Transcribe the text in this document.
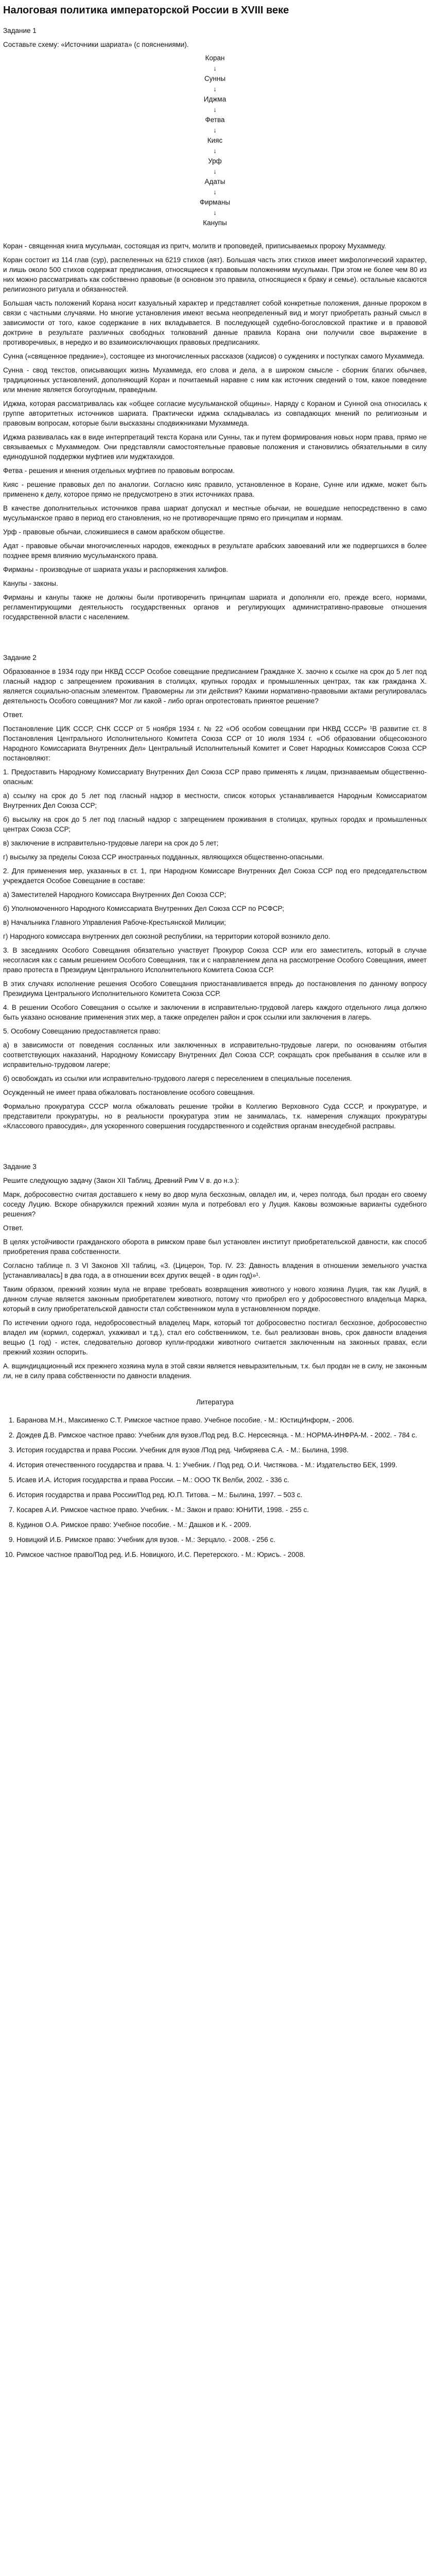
Налоговая политика императорской России в XVIII веке

Задание 1

Составьте схему: «Источники шариата» (с пояснениями).

Коран
↓
Сунны
↓
Иджма
↓
Фетва
↓
Кияс
↓
Урф
↓
Адаты
↓
Фирманы
↓
Канупы

Коран - священная книга мусульман, состоящая из притч, молитв и проповедей, приписываемых пророку Мухаммеду.

Коран состоит из 114 глав (сур), распеленных на 6219 стихов (аят). Большая часть этих стихов имеет мифологический характер, и лишь около 500 стихов содержат предписания, относящиеся к правовым положениям мусульман. При этом не более чем 80 из них можно рассматривать как собственно правовые (в основном это правила, относящиеся к браку и семье). остальные касаются религиозного ритуала и обязанностей.

Большая часть положений Корана носит казуальный характер и представляет собой конкретные положения, данные пророком в связи с частными случаями. Но многие установления имеют весьма неопределенный вид и могут приобретать разный смысл в зависимости от того, какое содержание в них вкладывается. В последующей судебно-богословской практике и в правовой доктрине в результате различных свободных толкований данные правила Корана они получили свое выражение в противоречивых, в нередко и во взаимоисключающих правовых предписаниях.

Сунна («священное предание»), состоящее из многочисленных рассказов (хадисов) о суждениях и поступках самого Мухаммеда.

Сунна - свод текстов, описывающих жизнь Мухаммеда, его слова и дела, а в широком смысле - сборник благих обычаев, традиционных установлений, дополняющий Коран и почитаемый наравне с ним как источник сведений о том, какое поведение или мнение является богоугодным, праведным.

Иджма, которая рассматривалась как «общее согласие мусульманской общины». Наряду с Кораном и Сунной она относилась к группе авторитетных источников шариата. Практически иджма складывалась из совпадающих мнений по религиозным и правовым вопросам, которые были высказаны сподвижниками Мухаммеда.

Иджма развивалась как в виде интерпретаций текста Корана или Сунны, так и путем формирования новых норм права, прямо не связываемых с Мухаммедом. Они представляли самостоятельные правовые положения и становились обязательными в силу единодушной поддержки муфтиев или муджтахидов.

Фетва - решения и мнения отдельных муфтиев по правовым вопросам.

Кияс - решение правовых дел по аналогии. Согласно кияс правило, установленное в Коране, Сунне или иджме, может быть применено к делу, которое прямо не предусмотрено в этих источниках права.

В качестве дополнительных источников права шариат допускал и местные обычаи, не вошедшие непосредственно в само мусульманское право в период его становления, но не противоречащие прямо его принципам и нормам.

Урф - правовые обычаи, сложившиеся в самом арабском обществе.

Адат - правовые обычаи многочисленных народов, ежекодных в результате арабских завоеваний или же подвергшихся в более позднее время влиянию мусульманского права.

Фирманы - производные от шариата указы и распоряжения халифов.

Канупы - законы.

Фирманы и канупы также не должны были противоречить принципам шариата и дополняли его, прежде всего, нормами, регламентирующими деятельность государственных органов и регулирующих административно-правовые отношения государственной власти с населением.

Задание 2

Образованное в 1934 году при НКВД СССР Особое совещание предписанием Гражданке Х. заочно к ссылке на срок до 5 лет под гласный надзор с запрещением проживания в столицах, крупных городах и промышленных центрах, так как гражданка Х. является социально-опасным элементом. Правомерны ли эти действия? Какими нормативно-правовыми актами регулировалась деятельность Особого совещания? Мог ли какой - либо орган опротестовать принятое решение?

Ответ.

Постановление ЦИК СССР, СНК СССР от 5 ноября 1934 г. № 22 «Об особом совещании при НКВД СССР» ¹В развитие ст. 8 Постановления Центрального Исполнительного Комитета Союза ССР от 10 июля 1934 г. «Об образовании общесоюзного Народного Комиссариата Внутренних Дел» Центральный Исполнительный Комитет и Совет Народных Комиссаров Союза ССР постановляют:

1. Предоставить Народному Комиссариату Внутренних Дел Союза ССР право применять к лицам, признаваемым общественно-опасным:

а) ссылку на срок до 5 лет под гласный надзор в местности, список которых устанавливается Народным Комиссариатом Внутренних Дел Союза ССР;

б) высылку на срок до 5 лет под гласный надзор с запрещением проживания в столицах, крупных городах и промышленных центрах Союза ССР;

в) заключение в исправительно-трудовые лагери на срок до 5 лет;

г) высылку за пределы Союза ССР иностранных подданных, являющихся общественно-опасными.

2. Для применения мер, указанных в ст. 1, при Народном Комиссаре Внутренних Дел Союза ССР под его председательством учреждается Особое Совещание в составе:

а) Заместителей Народного Комиссара Внутренних Дел Союза ССР;

б) Уполномоченного Народного Комиссариата Внутренних Дел Союза ССР по РСФСР;

в) Начальника Главного Управления Рабоче-Крестьянской Милиции;

г) Народного комиссара внутренних дел союзной республики, на территории которой возникло дело.

3. В заседаниях Особого Совещания обязательно участвует Прокурор Союза ССР или его заместитель, который в случае несогласия как с самым решением Особого Совещания, так и с направлением дела на рассмотрение Особого Совещания, имеет право протеста в Президиум Центрального Исполнительного Комитета Союза ССР.

В этих случаях исполнение решения Особого Совещания приостанавливается впредь до постановления по данному вопросу Президиума Центрального Исполнительного Комитета Союза ССР.

4. В решении Особого Совещания о ссылке и заключении в исправительно-трудовой лагерь каждого отдельного лица должно быть указано основание применения этих мер, а также определен район и срок ссылки или заключения в лагерь.

5. Особому Совещанию предоставляется право:

а) в зависимости от поведения сосланных или заключенных в исправительно-трудовые лагери, по основаниям отбытия соответствующих наказаний, Народному Комиссару Внутренних Дел Союза ССР, сокращать срок пребывания в ссылке или в исправительно-трудовом лагере;

б) освобождать из ссылки или исправительно-трудового лагеря с переселением в специальные поселения.

Осужденный не имеет права обжаловать постановление особого совещания.

Формально прокуратура СССР могла обжаловать решение тройки в Коллегию Верховного Суда СССР, и прокуратуре, и представители прокуратуры, но в реальности прокуратура этим не занималась, т.к. намерения служащих прокуратуры «Классового правосудия», для ускоренного совершения государственного и содействия органам внесудебной расправы.

Задание 3

Решите следующую задачу (Закон XII Таблиц, Древний Рим V в. до н.э.):

Марк, добросовестно считая доставшего к нему во двор мула бесхозным, овладел им, и, через полгода, был продан его своему соседу Луцию. Вскоре обнаружился прежний хозяин мула и потребовал его у Луция. Каковы возможные варианты судебного решения?

Ответ.

В целях устойчивости гражданского оборота в римском праве был установлен институт приобретательской давности, как способ приобретения права собственности.

Согласно таблице п. 3 VI Законов XII таблиц, «3. (Цицерон, Тор. IV. 23: Давность владения в отношении земельного участка [устанавливалась] в два года, а в отношении всех других вещей - в один год)»¹.

Таким образом, прежний хозяин мула не вправе требовать возвращения животного у нового хозяина Луция, так как Луций, в данном случае является законным приобретателем животного, потому что приобрел его у добросовестного владельца Марка, который в силу приобретательской давности стал собственником мула в установленном порядке.

По истечении одного года, недобросовестный владелец Марк, который тот добросовестно постигал бесхозное, добросовестно владел им (кормил, содержал, ухаживал и т.д.), стал его собственником, т.е. был реализован вновь, срок давности владения вещью (1 год) - истек, следовательно договор купли-продажи животного считается заключенным на законных правах, если прежний хозяин оспорить.

А. вщиндицационный иск прежнего хозяина мула в этой связи является невыразительным, т.к. был продан не в силу, не законным ли, не в силу права собственности по давности владения.

Литература
1. Баранова М.Н., Максименко С.Т. Римское частное право. Учебное пособие. - М.: ЮстицИнформ, - 2006.
2. Дождев Д.В. Римское частное право: Учебник для вузов./Под ред. В.С. Нерсесянца. - М.: НОРМА-ИНФРА-М. - 2002. - 784 с.
3. История государства и права России. Учебник для вузов /Под ред. Чибиряева С.А. - М.: Былина, 1998.
4. История отечественного государства и права. Ч. 1: Учебник. / Под ред. О.И. Чистякова. - М.: Издательство БЕК, 1999.
5. Исаев И.А. История государства и права России. – М.: ООО ТК Велби, 2002. - 336 с.
6. История государства и права России/Под ред. Ю.П. Титова. – М.: Былина, 1997. – 503 с.
7. Косарев А.И. Римское частное право. Учебник. - М.: Закон и право: ЮНИТИ, 1998. - 255 с.
8. Кудинов О.А. Римское право: Учебное пособие. - М.: Дашков и К. - 2009.
9. Новицкий И.Б. Римское право: Учебник для вузов. - М.: Зерцало. - 2008. - 256 с.
10. Римское частное право/Под ред. И.Б. Новицкого, И.С. Перетерского. - М.: Юрисъ. - 2008.
